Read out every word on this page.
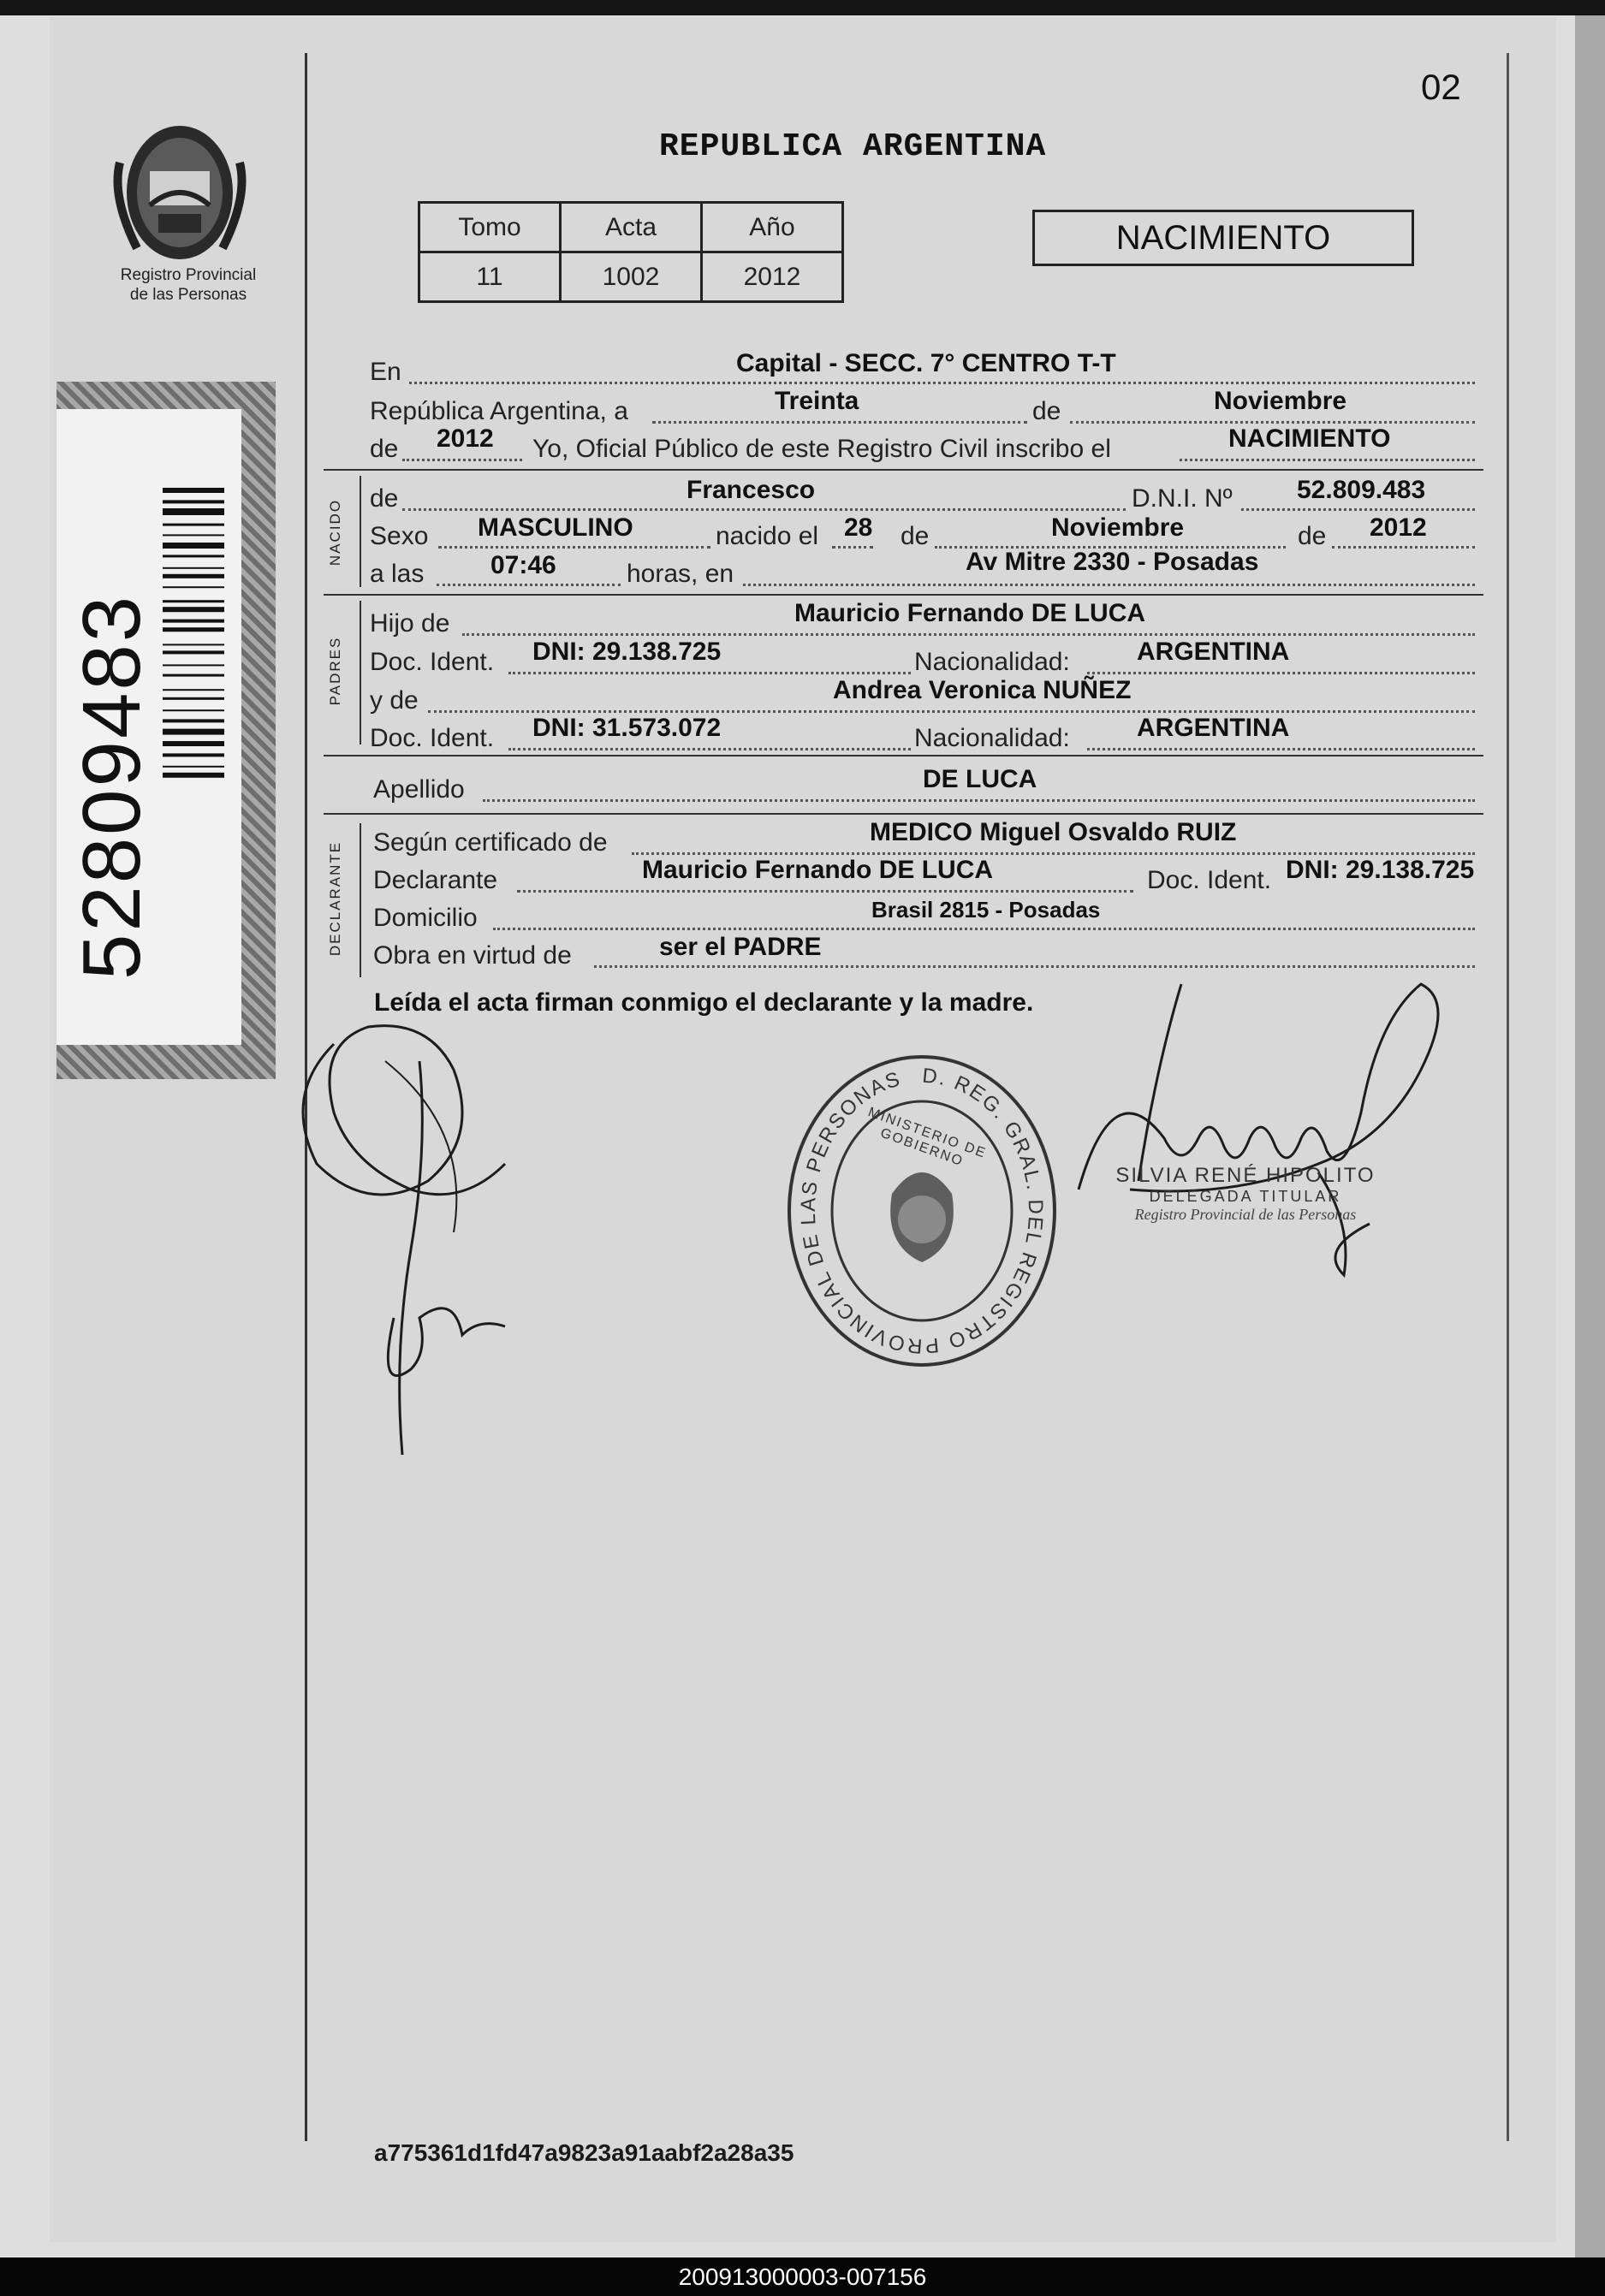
Registro Provincial
de las Personas
52809483
02
REPUBLICA ARGENTINA
Tomo	Acta	Año
11	1002	2012
NACIMIENTO
En	Capital - SECC. 7° CENTRO T-T
República Argentina, a	Treinta	de	Noviembre
de 2012 Yo, Oficial Público de este Registro Civil inscribo el	NACIMIENTO
NACIDO
de	Francesco	D.N.I. Nº	52.809.483
Sexo MASCULINO	nacido el 28 de	Noviembre	de 2012
a las	07:46	horas, en	Av Mitre 2330 - Posadas
PADRES
Hijo de	Mauricio Fernando DE LUCA
Doc. Ident. DNI: 29.138.725	Nacionalidad:	ARGENTINA
y de	Andrea Veronica NUÑEZ
Doc. Ident. DNI: 31.573.072	Nacionalidad:	ARGENTINA
Apellido	DE LUCA
DECLARANTE Según certificado de	MEDICO Miguel Osvaldo RUIZ
Declarante	Mauricio Fernando DE LUCA	Doc. Ident. DNI: 29.138.725
Domicilio	Brasil 2815 - Posadas
Obra en virtud de	ser el PADRE
Leída el acta firman conmigo el declarante y la madre.
D. REG. GRAL. DEL REGISTRO PROVINCIAL DE LAS PERSONAS
MINISTERIO DE GOBIERNO
SILVIA RENÉ HIPOLITO
DELEGADA TITULAR
Registro Provincial de las Personas
a775361d1fd47a9823a91aabf2a28a35
200913000003-007156
